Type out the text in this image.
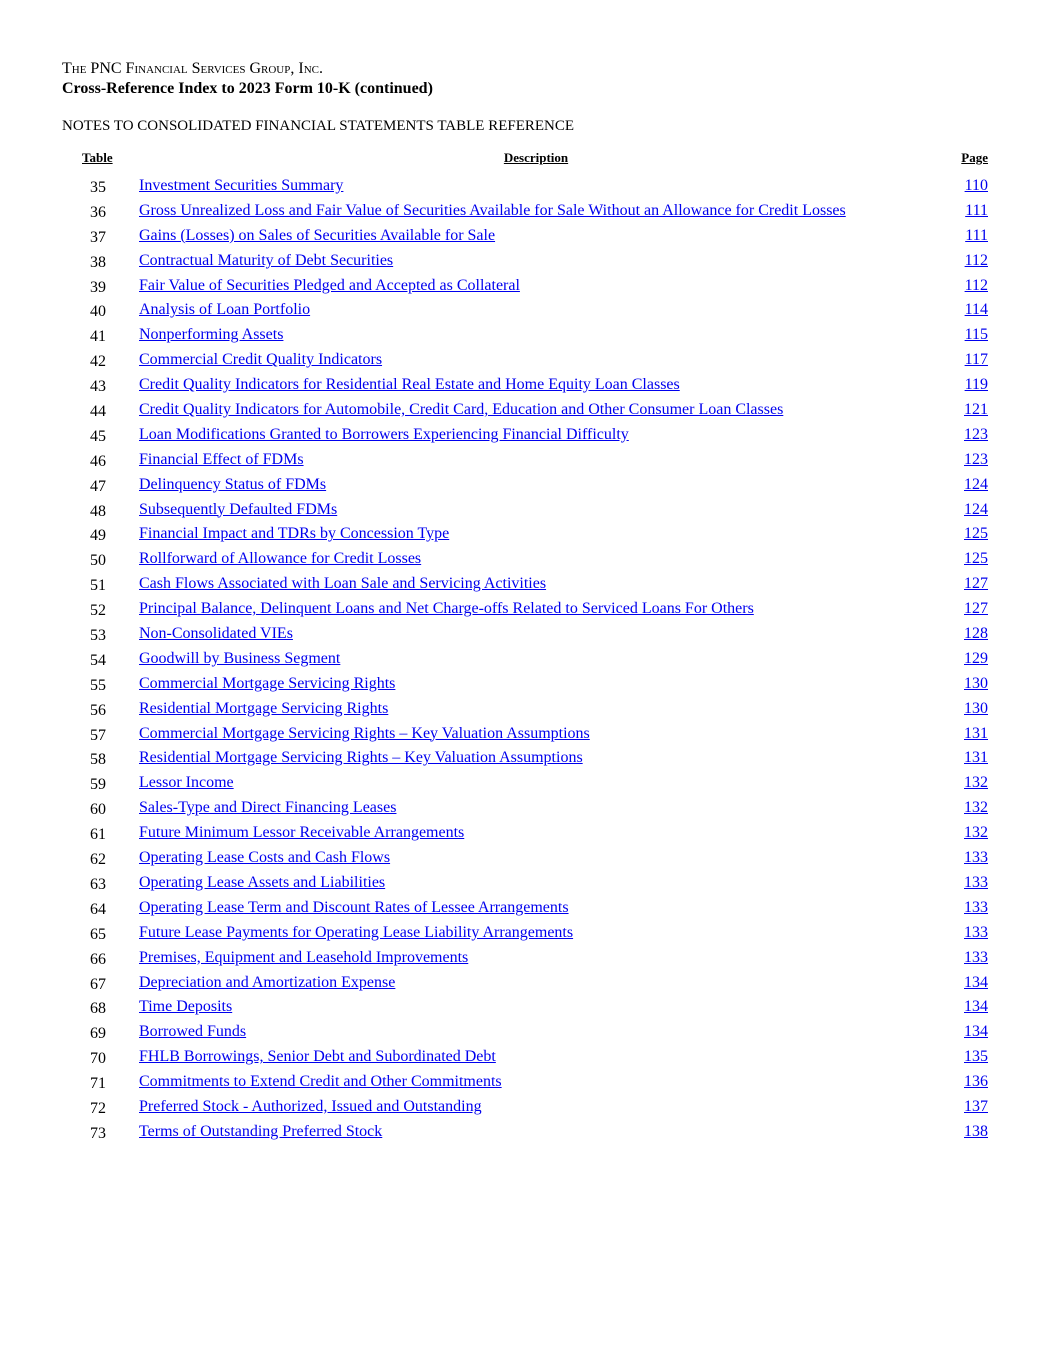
The PNC Financial Services Group, Inc.
Cross-Reference Index to 2023 Form 10-K (continued)
NOTES TO CONSOLIDATED FINANCIAL STATEMENTS TABLE REFERENCE
Table	Description	Page
35 Investment Securities Summary	110
36 Gross Unrealized Loss and Fair Value of Securities Available for Sale Without an Allowance for Credit Losses	111
37 Gains (Losses) on Sales of Securities Available for Sale	111
38 Contractual Maturity of Debt Securities	112
39 Fair Value of Securities Pledged and Accepted as Collateral	112
40 Analysis of Loan Portfolio	114
41 Nonperforming Assets	115
42 Commercial Credit Quality Indicators	117
43 Credit Quality Indicators for Residential Real Estate and Home Equity Loan Classes	119
44 Credit Quality Indicators for Automobile, Credit Card, Education and Other Consumer Loan Classes	121
45 Loan Modifications Granted to Borrowers Experiencing Financial Difficulty	123
46 Financial Effect of FDMs	123
47 Delinquency Status of FDMs	124
48 Subsequently Defaulted FDMs	124
49 Financial Impact and TDRs by Concession Type	125
50 Rollforward of Allowance for Credit Losses	125
51 Cash Flows Associated with Loan Sale and Servicing Activities	127
52 Principal Balance, Delinquent Loans and Net Charge-offs Related to Serviced Loans For Others	127
53 Non-Consolidated VIEs	128
54 Goodwill by Business Segment	129
55 Commercial Mortgage Servicing Rights	130
56 Residential Mortgage Servicing Rights	130
57 Commercial Mortgage Servicing Rights – Key Valuation Assumptions	131
58 Residential Mortgage Servicing Rights – Key Valuation Assumptions	131
59 Lessor Income	132
60 Sales-Type and Direct Financing Leases	132
61 Future Minimum Lessor Receivable Arrangements	132
62 Operating Lease Costs and Cash Flows	133
63 Operating Lease Assets and Liabilities	133
64 Operating Lease Term and Discount Rates of Lessee Arrangements	133
65 Future Lease Payments for Operating Lease Liability Arrangements	133
66 Premises, Equipment and Leasehold Improvements	133
67 Depreciation and Amortization Expense	134
68 Time Deposits	134
69 Borrowed Funds	134
70 FHLB Borrowings, Senior Debt and Subordinated Debt	135
71 Commitments to Extend Credit and Other Commitments	136
72 Preferred Stock - Authorized, Issued and Outstanding	137
73 Terms of Outstanding Preferred Stock	138
